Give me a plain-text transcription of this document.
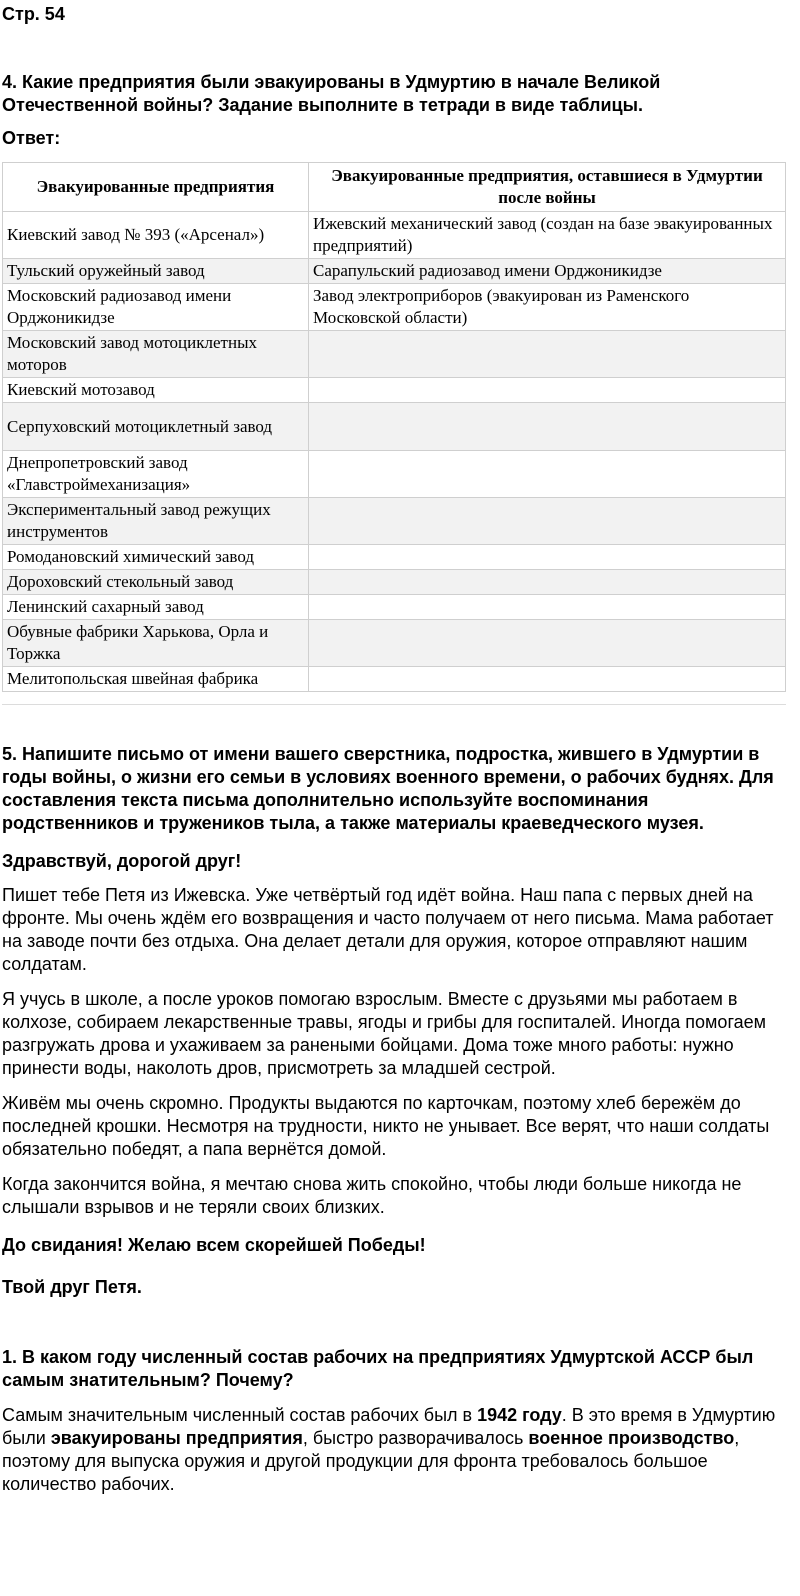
Стр. 54
4. Какие предприятия были эвакуированы в Удмуртию в начале Великой Отечественной войны? Задание выполните в тетради в виде таблицы.
Ответ:
Эвакуированные предприятия	Эвакуированные предприятия, оставшиеся в Удмуртии после войны
Киевский завод № 393 («Арсенал»)	Ижевский механический завод (создан на базе эвакуированных предприятий)
Тульский оружейный завод	Сарапульский радиозавод имени Орджоникидзе
Московский радиозавод имени Орджоникидзе	Завод электроприборов (эвакуирован из Раменского Московской области)
Московский завод мотоциклетных моторов	
Киевский мотозавод	
Серпуховский мотоциклетный завод	
Днепропетровский завод «Главстроймеханизация»	
Экспериментальный завод режущих инструментов	
Ромодановский химический завод	
Дороховский стекольный завод	
Ленинский сахарный завод	
Обувные фабрики Харькова, Орла и Торжка	
Мелитопольская швейная фабрика	
5. Напишите письмо от имени вашего сверстника, подростка, жившего в Удмуртии в годы войны, о жизни его семьи в условиях военного времени, о рабочих буднях. Для составления текста письма дополнительно используйте воспоминания родственников и тружеников тыла, а также материалы краеведческого музея.
Здравствуй, дорогой друг!

Пишет тебе Петя из Ижевска. Уже четвёртый год идёт война. Наш папа с первых дней на фронте. Мы очень ждём его возвращения и часто получаем от него письма. Мама работает на заводе почти без отдыха. Она делает детали для оружия, которое отправляют нашим солдатам.

Я учусь в школе, а после уроков помогаю взрослым. Вместе с друзьями мы работаем в колхозе, собираем лекарственные травы, ягоды и грибы для госпиталей. Иногда помогаем разгружать дрова и ухаживаем за ранеными бойцами. Дома тоже много работы: нужно принести воды, наколоть дров, присмотреть за младшей сестрой.

Живём мы очень скромно. Продукты выдаются по карточкам, поэтому хлеб бережём до последней крошки. Несмотря на трудности, никто не унывает. Все верят, что наши солдаты обязательно победят, а папа вернётся домой.

Когда закончится война, я мечтаю снова жить спокойно, чтобы люди больше никогда не слышали взрывов и не теряли своих близких.

До свидания! Желаю всем скорейшей Победы!
Твой друг Петя.
1. В каком году численный состав рабочих на предприятиях Удмуртской АССР был самым знатительным? Почему?

Самым значительным численный состав рабочих был в 1942 году. В это время в Удмуртию были эвакуированы предприятия, быстро разворачивалось военное производство, поэтому для выпуска оружия и другой продукции для фронта требовалось большое количество рабочих.
